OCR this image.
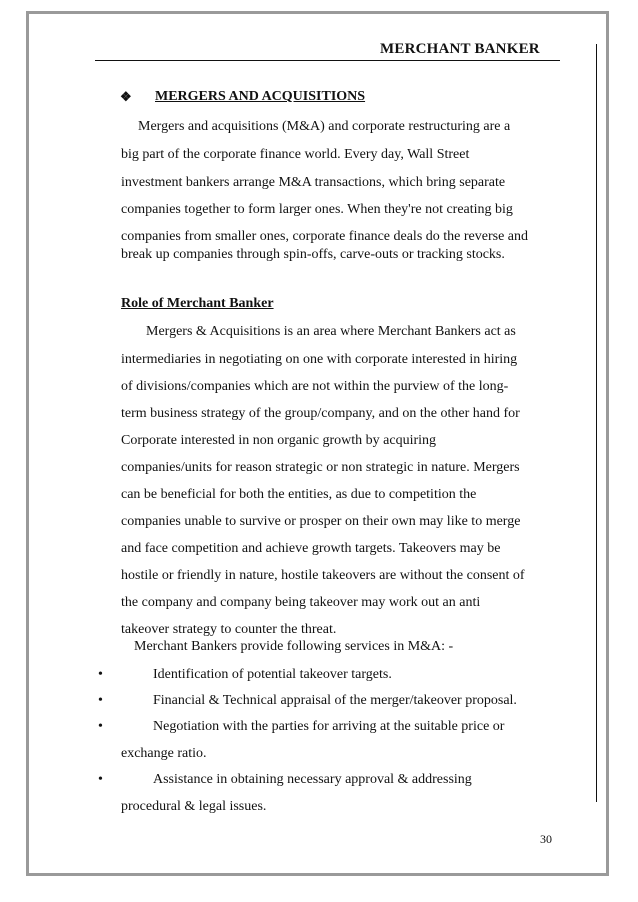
MERCHANT BANKER
❖ MERGERS AND ACQUISITIONS
Mergers and acquisitions (M&A) and corporate restructuring are a
big part of the corporate finance world. Every day, Wall Street
investment bankers arrange M&A transactions, which bring separate
companies together to form larger ones. When they're not creating big
companies from smaller ones, corporate finance deals do the reverse and
break up companies through spin-offs, carve-outs or tracking stocks.
Role of Merchant Banker
Mergers & Acquisitions is an area where Merchant Bankers act as
intermediaries in negotiating on one with corporate interested in hiring
of divisions/companies which are not within the purview of the long-
term business strategy of the group/company, and on the other hand for
Corporate interested in non organic growth by acquiring
companies/units for reason strategic or non strategic in nature. Mergers
can be beneficial for both the entities, as due to competition the
companies unable to survive or prosper on their own may like to merge
and face competition and achieve growth targets. Takeovers may be
hostile or friendly in nature, hostile takeovers are without the consent of
the company and company being takeover may work out an anti
takeover strategy to counter the threat.
Merchant Bankers provide following services in M&A: -
•	Identification of potential takeover targets.
•	Financial & Technical appraisal of the merger/takeover proposal.
•	Negotiation with the parties for arriving at the suitable price or
exchange ratio.
•	Assistance in obtaining necessary approval & addressing
procedural & legal issues.
30
